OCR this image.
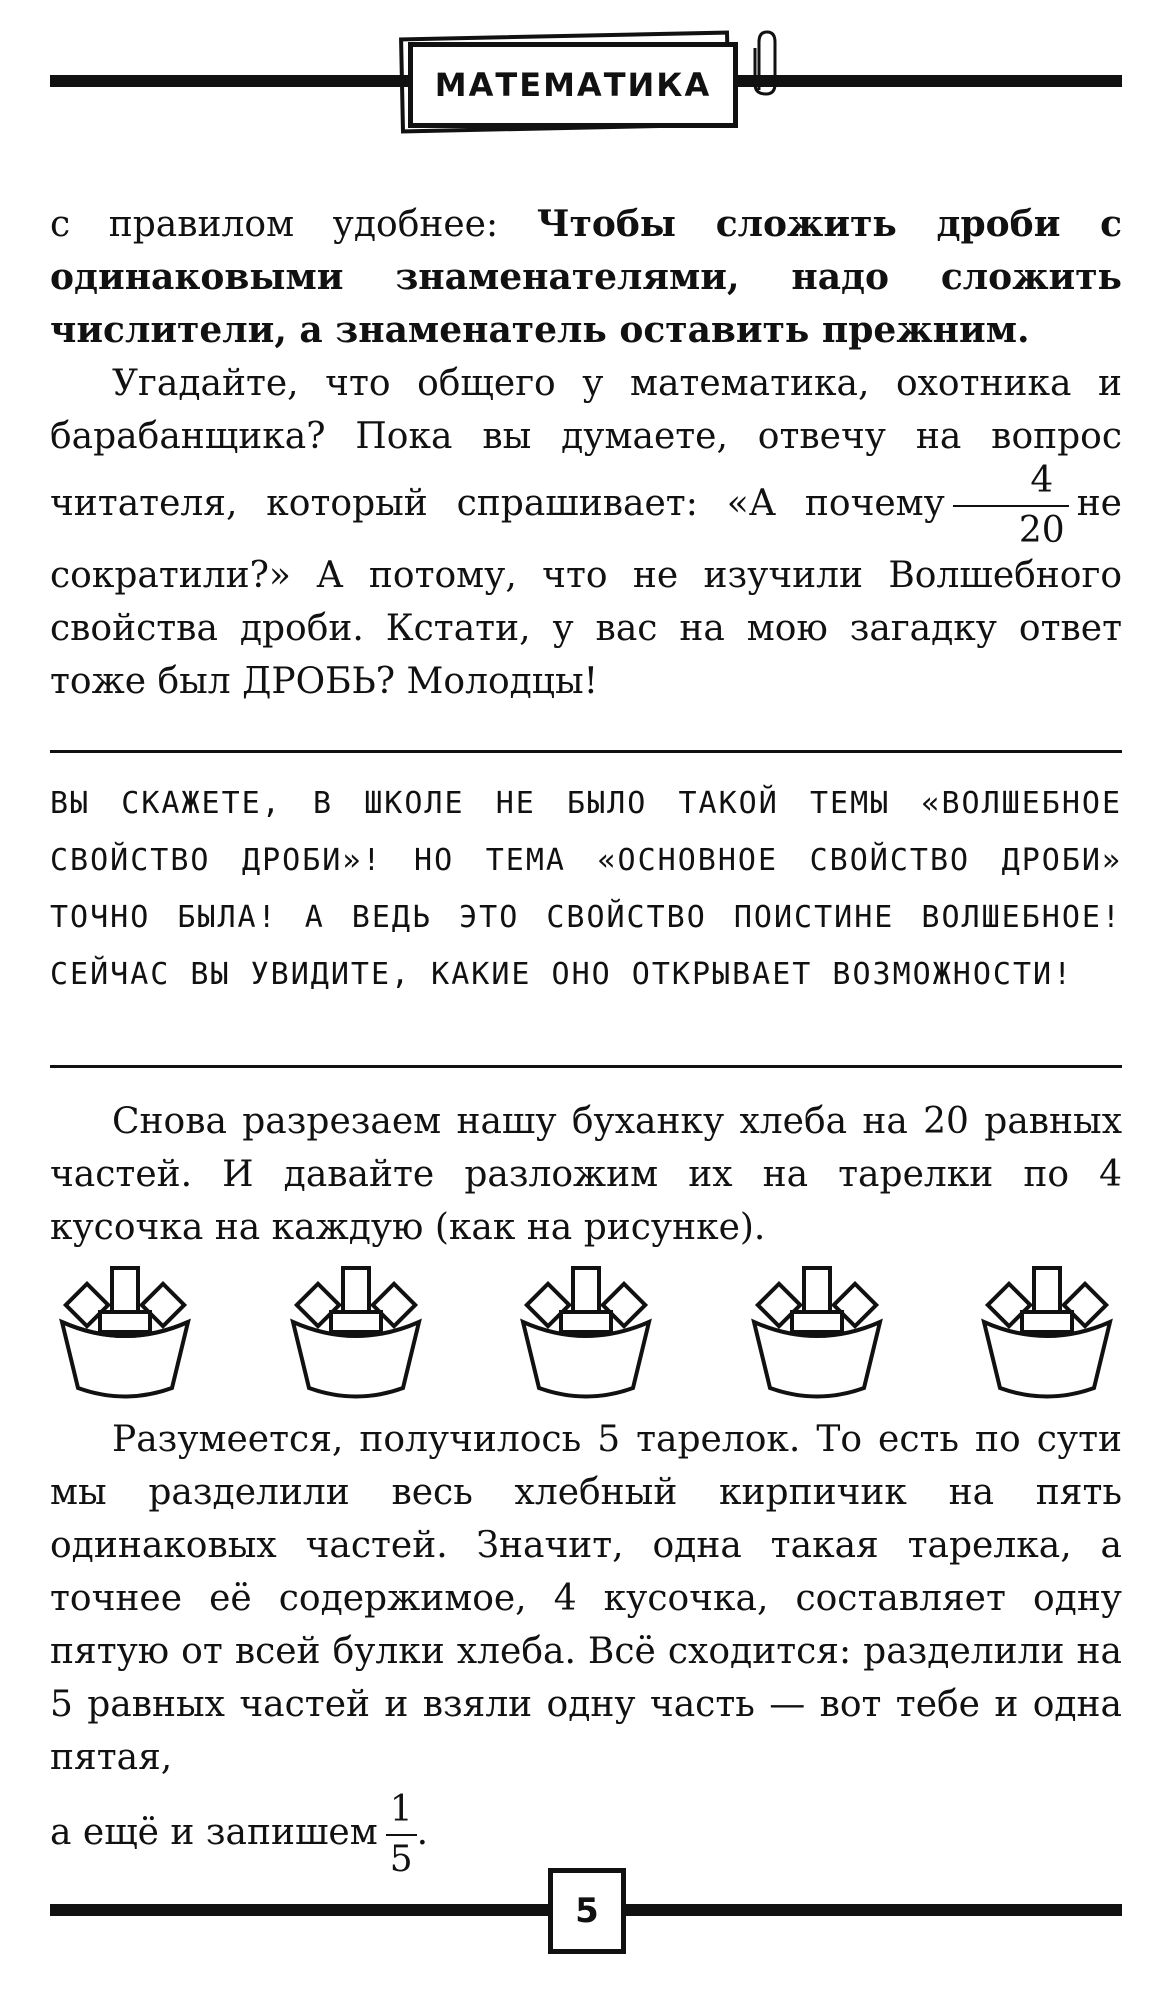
МАТЕМАТИКА

с правилом удобнее: Чтобы сложить дроби с одинаковыми знаменателями, надо сложить числители, а знаменатель оставить прежним.

Угадайте, что общего у математика, охотника и барабанщика? Пока вы думаете, отвечу на вопрос читателя, который спрашивает: «А почему $\frac{4}{20}$ не сократили?» А потому, что не изучили Волшебного свойства дроби. Кстати, у вас на мою загадку ответ тоже был ДРОБЬ? Молодцы!

ВЫ СКАЖЕТЕ, В ШКОЛЕ НЕ БЫЛО ТАКОЙ ТЕМЫ «ВОЛШЕБНОЕ СВОЙСТВО ДРОБИ»! НО ТЕМА «ОСНОВНОЕ СВОЙСТВО ДРОБИ» ТОЧНО БЫЛА! А ВЕДЬ ЭТО СВОЙСТВО ПОИСТИНЕ ВОЛШЕБНОЕ! СЕЙЧАС ВЫ УВИДИТЕ, КАКИЕ ОНО ОТКРЫВАЕТ ВОЗМОЖНОСТИ!

Снова разрезаем нашу буханку хлеба на 20 равных частей. И давайте разложим их на тарелки по 4 кусочка на каждую (как на рисунке).

Разумеется, получилось 5 тарелок. То есть по сути мы разделили весь хлебный кирпичик на пять одинаковых частей. Значит, одна такая тарелка, а точнее её содержимое, 4 кусочка, составляет одну пятую от всей булки хлеба. Всё сходится: разделили на 5 равных частей и взяли одну часть — вот тебе и одна пятая,

а ещё и запишем $\frac{1}{5}$ .

5
